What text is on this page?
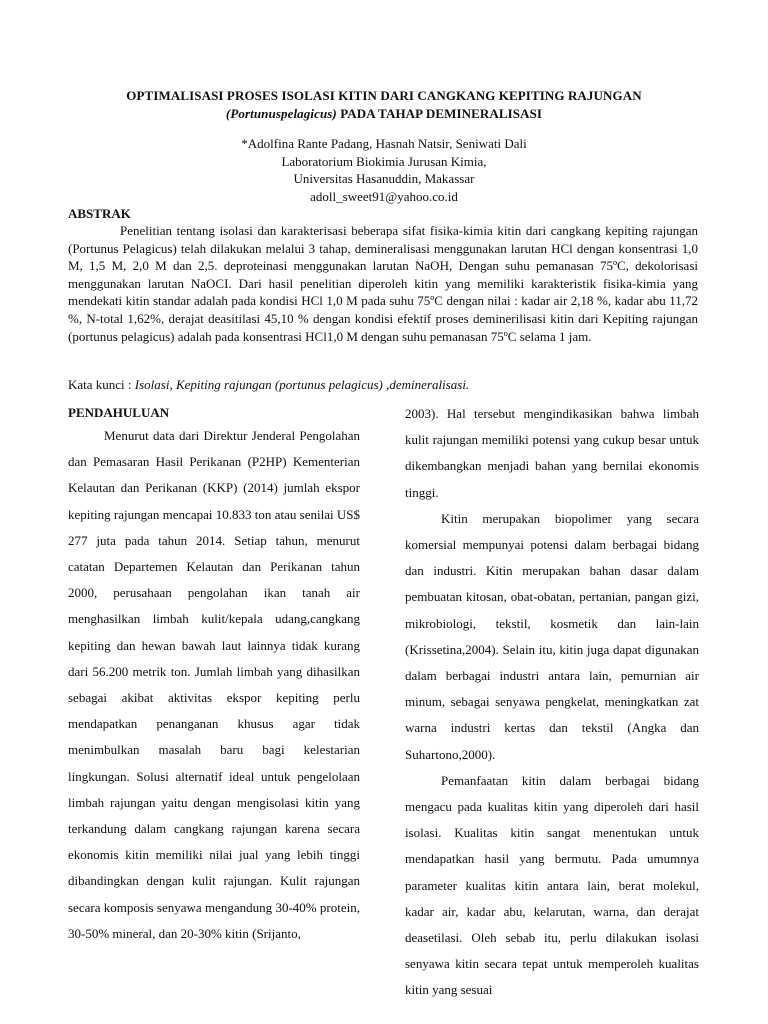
OPTIMALISASI PROSES ISOLASI KITIN DARI CANGKANG KEPITING RAJUNGAN
(Portunuspelagicus) PADA TAHAP DEMINERALISASI
*Adolfina Rante Padang, Hasnah Natsir, Seniwati Dali
Laboratorium Biokimia Jurusan Kimia,
Universitas Hasanuddin, Makassar
adoll_sweet91@yahoo.co.id
ABSTRAK

Penelitian tentang isolasi dan karakterisasi beberapa sifat fisika-kimia kitin dari cangkang kepiting rajungan (Portunus Pelagicus) telah dilakukan melalui 3 tahap, demineralisasi menggunakan larutan HCl dengan konsentrasi 1,0 M, 1,5 M, 2,0 M dan 2,5. deproteinasi menggunakan larutan NaOH, Dengan suhu pemanasan 75ºC, dekolorisasi menggunakan larutan NaOCI. Dari hasil penelitian diperoleh kitin yang memiliki karakteristik fisika-kimia yang mendekati kitin standar adalah pada kondisi HCl 1,0 M pada suhu 75ºC dengan nilai : kadar air 2,18 %, kadar abu 11,72 %, N-total 1,62%, derajat deasitilasi 45,10 % dengan kondisi efektif proses deminerilisasi kitin dari Kepiting rajungan (portunus pelagicus) adalah pada konsentrasi HCl1,0 M dengan suhu pemanasan 75ºC selama 1 jam.

Kata kunci : Isolasi, Kepiting rajungan (portunus pelagicus) ,demineralisasi.
PENDAHULUAN

Menurut data dari Direktur Jenderal Pengolahan dan Pemasaran Hasil Perikanan (P2HP) Kementerian Kelautan dan Perikanan (KKP) (2014) jumlah ekspor kepiting rajungan mencapai 10.833 ton atau senilai US$ 277 juta pada tahun 2014. Setiap tahun, menurut catatan Departemen Kelautan dan Perikanan tahun 2000, perusahaan pengolahan ikan tanah air menghasilkan limbah kulit/kepala udang,cangkang kepiting dan hewan bawah laut lainnya tidak kurang dari 56.200 metrik ton. Jumlah limbah yang dihasilkan sebagai akibat aktivitas ekspor kepiting perlu mendapatkan penanganan khusus agar tidak menimbulkan masalah baru bagi kelestarian lingkungan. Solusi alternatif ideal untuk pengelolaan limbah rajungan yaitu dengan mengisolasi kitin yang terkandung dalam cangkang rajungan karena secara ekonomis kitin memiliki nilai jual yang lebih tinggi dibandingkan dengan kulit rajungan. Kulit rajungan secara komposis senyawa mengandung 30-40% protein, 30-50% mineral, dan 20-30% kitin (Srijanto,

2003). Hal tersebut mengindikasikan bahwa limbah kulit rajungan memiliki potensi yang cukup besar untuk dikembangkan menjadi bahan yang bernilai ekonomis tinggi.

Kitin merupakan biopolimer yang secara komersial mempunyai potensi dalam berbagai bidang dan industri. Kitin merupakan bahan dasar dalam pembuatan kitosan, obat-obatan, pertanian, pangan gizi, mikrobiologi, tekstil, kosmetik dan lain-lain (Krissetina,2004). Selain itu, kitin juga dapat digunakan dalam berbagai industri antara lain, pemurnian air minum, sebagai senyawa pengkelat, meningkatkan zat warna industri kertas dan tekstil (Angka dan Suhartono,2000).

Pemanfaatan kitin dalam berbagai bidang mengacu pada kualitas kitin yang diperoleh dari hasil isolasi. Kualitas kitin sangat menentukan untuk mendapatkan hasil yang bermutu. Pada umumnya parameter kualitas kitin antara lain, berat molekul, kadar air, kadar abu, kelarutan, warna, dan derajat deasetilasi. Oleh sebab itu, perlu dilakukan isolasi senyawa kitin secara tepat untuk memperoleh kualitas kitin yang sesuai
